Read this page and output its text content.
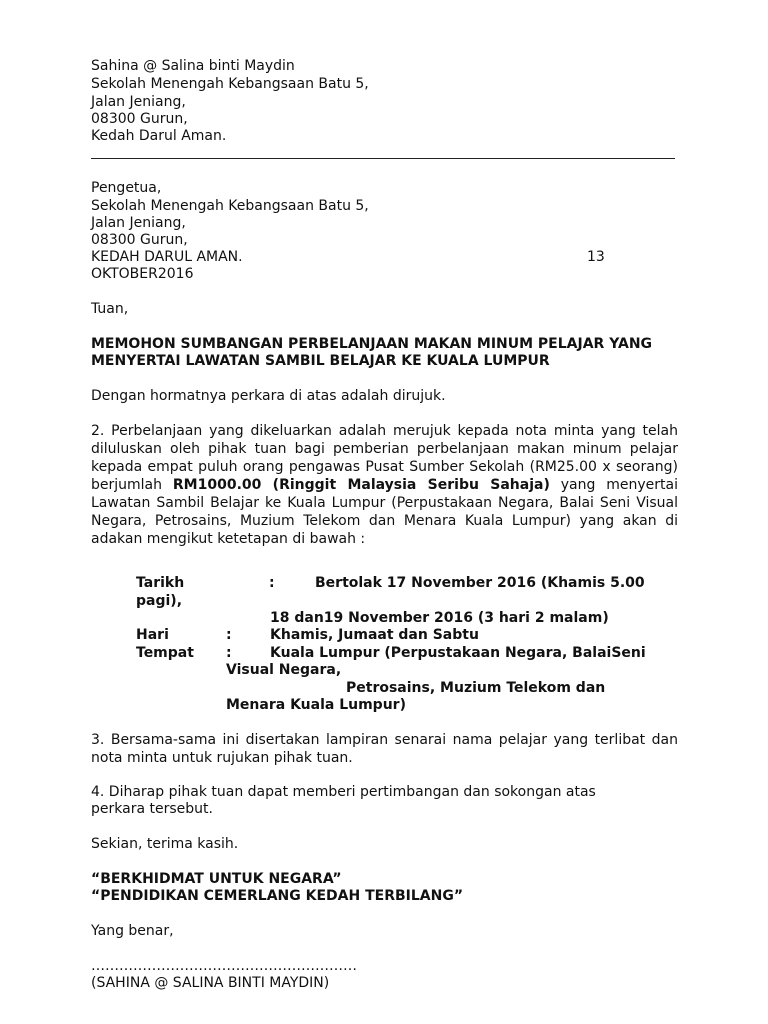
Sahina @ Salina binti Maydin
Sekolah Menengah Kebangsaan Batu 5,
Jalan Jeniang,
08300 Gurun,
Kedah Darul Aman.
Pengetua,
Sekolah Menengah Kebangsaan Batu 5,
Jalan Jeniang,
08300 Gurun,
KEDAH DARUL AMAN.	13
OKTOBER2016
Tuan,
MEMOHON SUMBANGAN PERBELANJAAN MAKAN MINUM PELAJAR YANG
MENYERTAI LAWATAN SAMBIL BELAJAR KE KUALA LUMPUR
Dengan hormatnya perkara di atas adalah dirujuk.
2. Perbelanjaan yang dikeluarkan adalah merujuk kepada nota minta yang telah diluluskan oleh pihak tuan bagi pemberian perbelanjaan makan minum pelajar kepada empat puluh orang pengawas Pusat Sumber Sekolah (RM25.00 x seorang) berjumlah RM1000.00 (Ringgit Malaysia Seribu Sahaja) yang menyertai Lawatan Sambil Belajar ke Kuala Lumpur (Perpustakaan Negara, Balai Seni Visual Negara, Petrosains, Muzium Telekom dan Menara Kuala Lumpur) yang akan di adakan mengikut ketetapan di bawah :
Tarikh	:	Bertolak 17 November 2016 (Khamis 5.00
pagi),
18 dan19 November 2016 (3 hari 2 malam)
Hari	:	Khamis, Jumaat dan Sabtu
Tempat :	Kuala Lumpur (Perpustakaan Negara, BalaiSeni
Visual Negara,
Petrosains, Muzium Telekom dan
Menara Kuala Lumpur)
3. Bersama-sama ini disertakan lampiran senarai nama pelajar yang terlibat dan nota minta untuk rujukan pihak tuan.
4. Diharap pihak tuan dapat memberi pertimbangan dan sokongan atas
perkara tersebut.
Sekian, terima kasih.
“BERKHIDMAT UNTUK NEGARA”
“PENDIDIKAN CEMERLANG KEDAH TERBILANG”
Yang benar,
…………………………………………………
(SAHINA @ SALINA BINTI MAYDIN)
